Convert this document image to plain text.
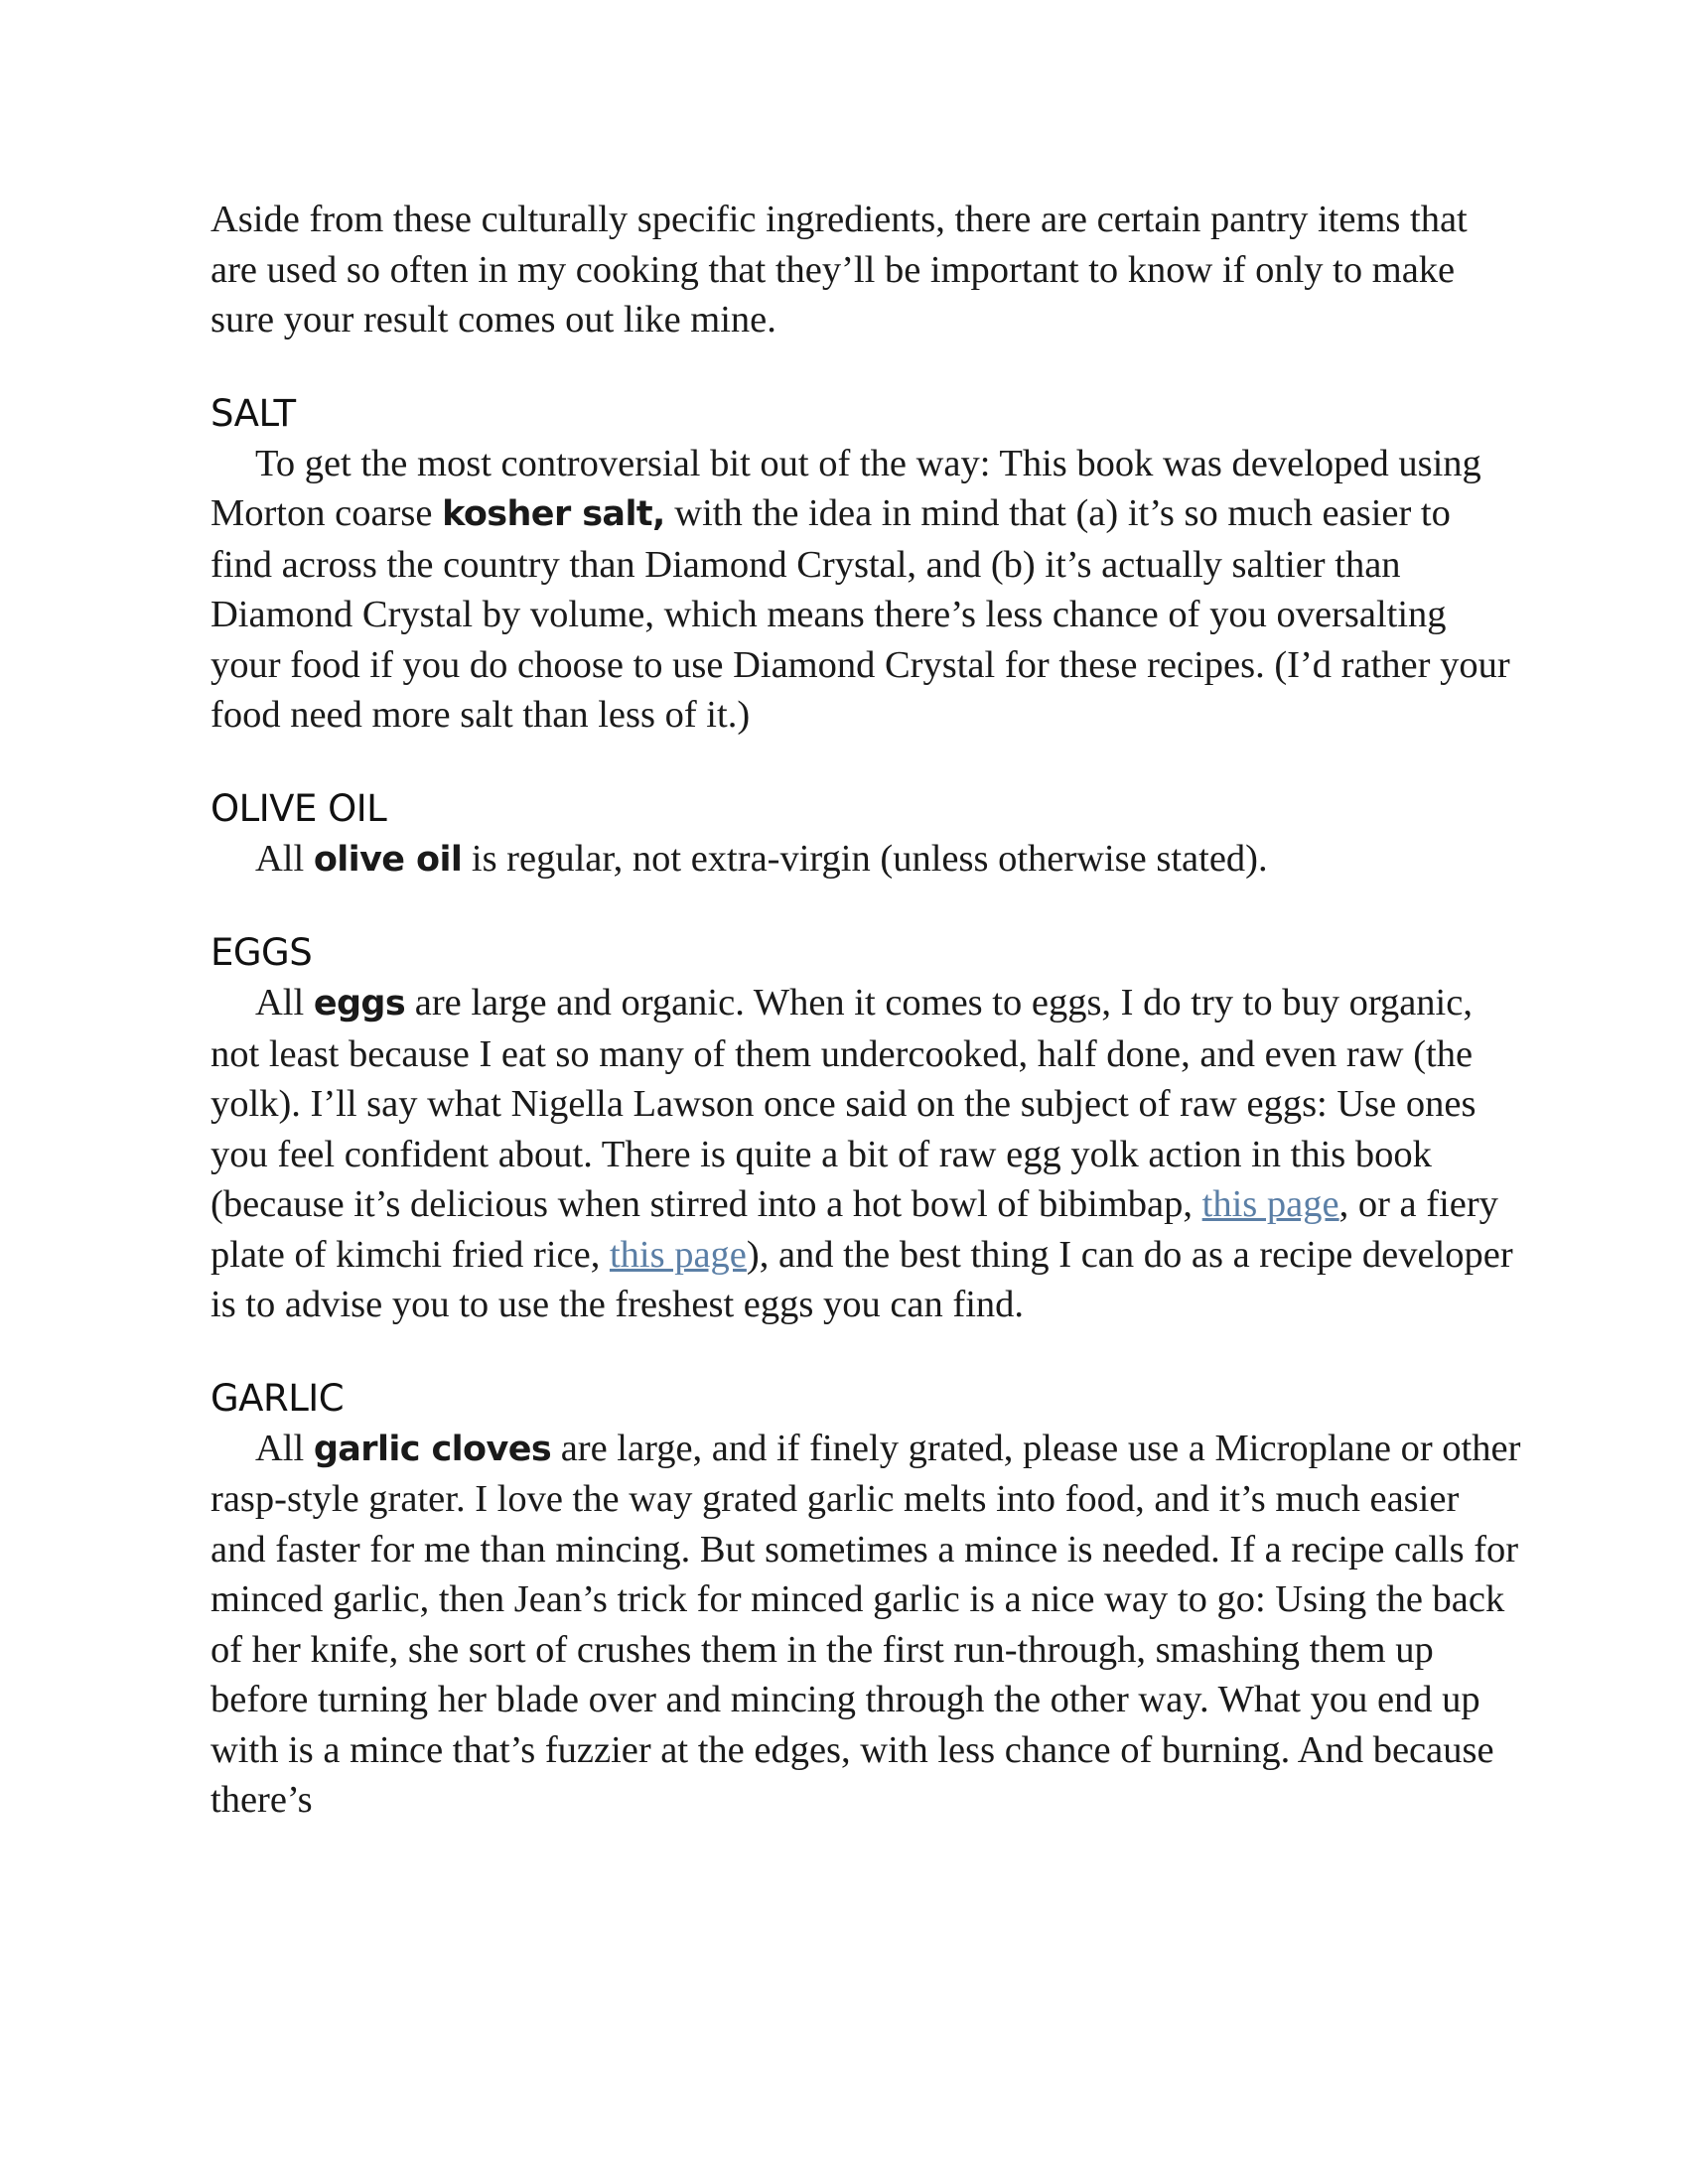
Aside from these culturally specific ingredients, there are certain pantry items that are used so often in my cooking that they’ll be important to know if only to make sure your result comes out like mine.

SALT

To get the most controversial bit out of the way: This book was developed using Morton coarse kosher salt, with the idea in mind that (a) it’s so much easier to find across the country than Diamond Crystal, and (b) it’s actually saltier than Diamond Crystal by volume, which means there’s less chance of you oversalting your food if you do choose to use Diamond Crystal for these recipes. (I’d rather your food need more salt than less of it.)

OLIVE OIL

All olive oil is regular, not extra-virgin (unless otherwise stated).

EGGS

All eggs are large and organic. When it comes to eggs, I do try to buy organic, not least because I eat so many of them undercooked, half done, and even raw (the yolk). I’ll say what Nigella Lawson once said on the subject of raw eggs: Use ones you feel confident about. There is quite a bit of raw egg yolk action in this book (because it’s delicious when stirred into a hot bowl of bibimbap, this page, or a fiery plate of kimchi fried rice, this page), and the best thing I can do as a recipe developer is to advise you to use the freshest eggs you can find.

GARLIC

All garlic cloves are large, and if finely grated, please use a Microplane or other rasp-style grater. I love the way grated garlic melts into food, and it’s much easier and faster for me than mincing. But sometimes a mince is needed. If a recipe calls for minced garlic, then Jean’s trick for minced garlic is a nice way to go: Using the back of her knife, she sort of crushes them in the first run-through, smashing them up before turning her blade over and mincing through the other way. What you end up with is a mince that’s fuzzier at the edges, with less chance of burning. And because there’s
